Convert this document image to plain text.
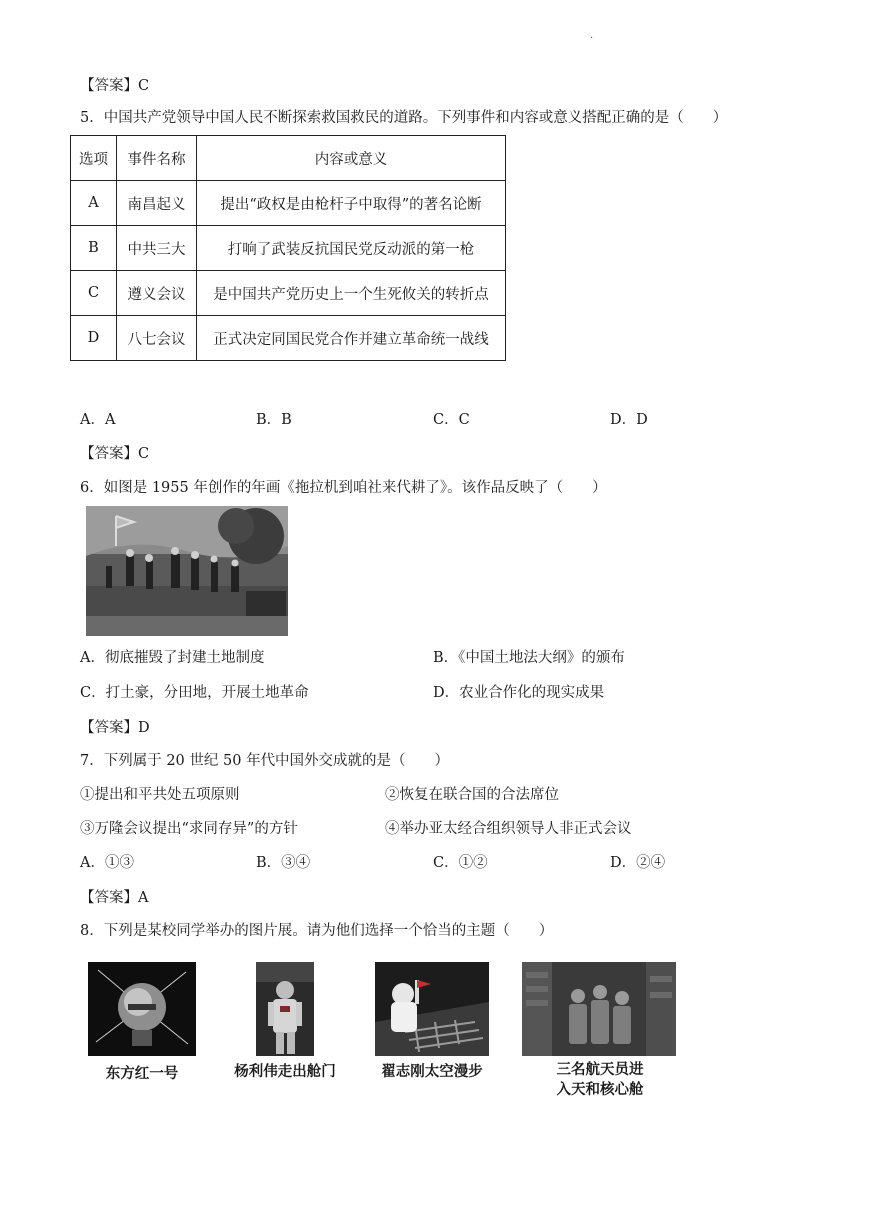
.
【答案】C
5．中国共产党领导中国人民不断探索救国救民的道路。下列事件和内容或意义搭配正确的是（　　）
选项	事件名称	内容或意义
A	南昌起义	提出“政权是由枪杆子中取得”的著名论断
B	中共三大	打响了武装反抗国民党反动派的第一枪
C	遵义会议	是中国共产党历史上一个生死攸关的转折点
D	八七会议	正式决定同国民党合作并建立革命统一战线
A．A	B．B	C．C	D．D
【答案】C
6．如图是 1955 年创作的年画《拖拉机到咱社来代耕了》。该作品反映了（　　）
A．彻底摧毁了封建土地制度	B．《中国土地法大纲》的颁布
C．打土豪，分田地，开展土地革命	D．农业合作化的现实成果
【答案】D
7．下列属于 20 世纪 50 年代中国外交成就的是（　　）
①提出和平共处五项原则	②恢复在联合国的合法席位
③万隆会议提出“求同存异”的方针	④举办亚太经合组织领导人非正式会议
A．①③	B．③④	C．①②	D．②④
【答案】A
8．下列是某校同学举办的图片展。请为他们选择一个恰当的主题（　　）
东方红一号	杨利伟走出舱门	翟志刚太空漫步	三名航天员进
入天和核心舱
